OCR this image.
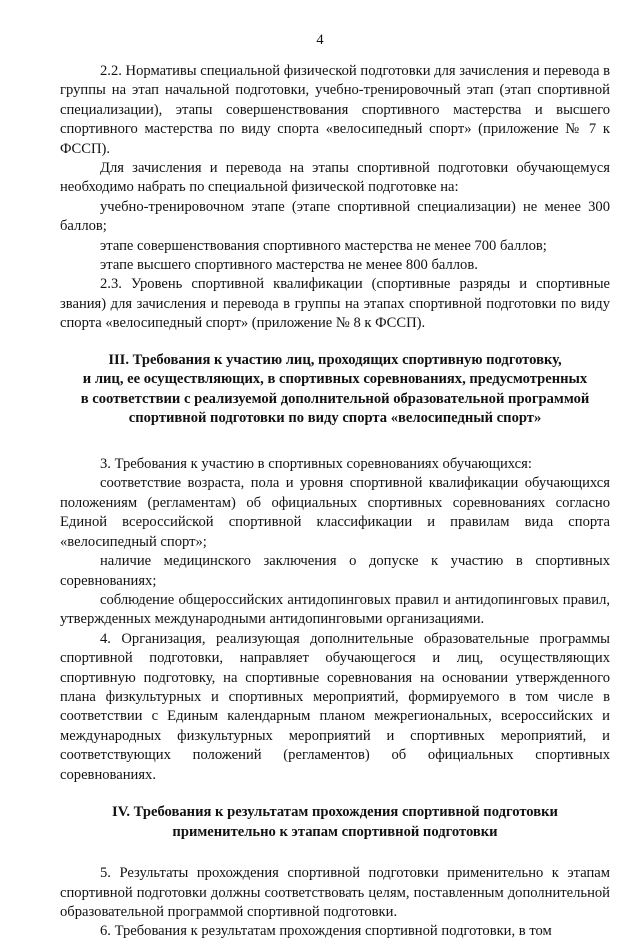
4

2.2. Нормативы специальной физической подготовки для зачисления и перевода в группы на этап начальной подготовки, учебно-тренировочный этап (этап спортивной специализации), этапы совершенствования спортивного мастерства и высшего спортивного мастерства по виду спорта «велосипедный спорт» (приложение № 7 к ФССП).

Для зачисления и перевода на этапы спортивной подготовки обучающемуся необходимо набрать по специальной физической подготовке на:

учебно-тренировочном этапе (этапе спортивной специализации) не менее 300 баллов;

этапе совершенствования спортивного мастерства не менее 700 баллов;

этапе высшего спортивного мастерства не менее 800 баллов.

2.3. Уровень спортивной квалификации (спортивные разряды и спортивные звания) для зачисления и перевода в группы на этапах спортивной подготовки по виду спорта «велосипедный спорт» (приложение № 8 к ФССП).

III. Требования к участию лиц, проходящих спортивную подготовку,
и лиц, ее осуществляющих, в спортивных соревнованиях, предусмотренных
в соответствии с реализуемой дополнительной образовательной программой
спортивной подготовки по виду спорта «велосипедный спорт»

3. Требования к участию в спортивных соревнованиях обучающихся:

соответствие возраста, пола и уровня спортивной квалификации обучающихся положениям (регламентам) об официальных спортивных соревнованиях согласно Единой всероссийской спортивной классификации и правилам вида спорта «велосипедный спорт»;

наличие медицинского заключения о допуске к участию в спортивных соревнованиях;

соблюдение общероссийских антидопинговых правил и антидопинговых правил, утвержденных международными антидопинговыми организациями.

4. Организация, реализующая дополнительные образовательные программы спортивной подготовки, направляет обучающегося и лиц, осуществляющих спортивную подготовку, на спортивные соревнования на основании утвержденного плана физкультурных и спортивных мероприятий, формируемого в том числе в соответствии с Единым календарным планом межрегиональных, всероссийских и международных физкультурных мероприятий и спортивных мероприятий, и соответствующих положений (регламентов) об официальных спортивных соревнованиях.

IV. Требования к результатам прохождения спортивной подготовки
применительно к этапам спортивной подготовки

5. Результаты прохождения спортивной подготовки применительно к этапам спортивной подготовки должны соответствовать целям, поставленным дополнительной образовательной программой спортивной подготовки.

6. Требования к результатам прохождения спортивной подготовки, в том
